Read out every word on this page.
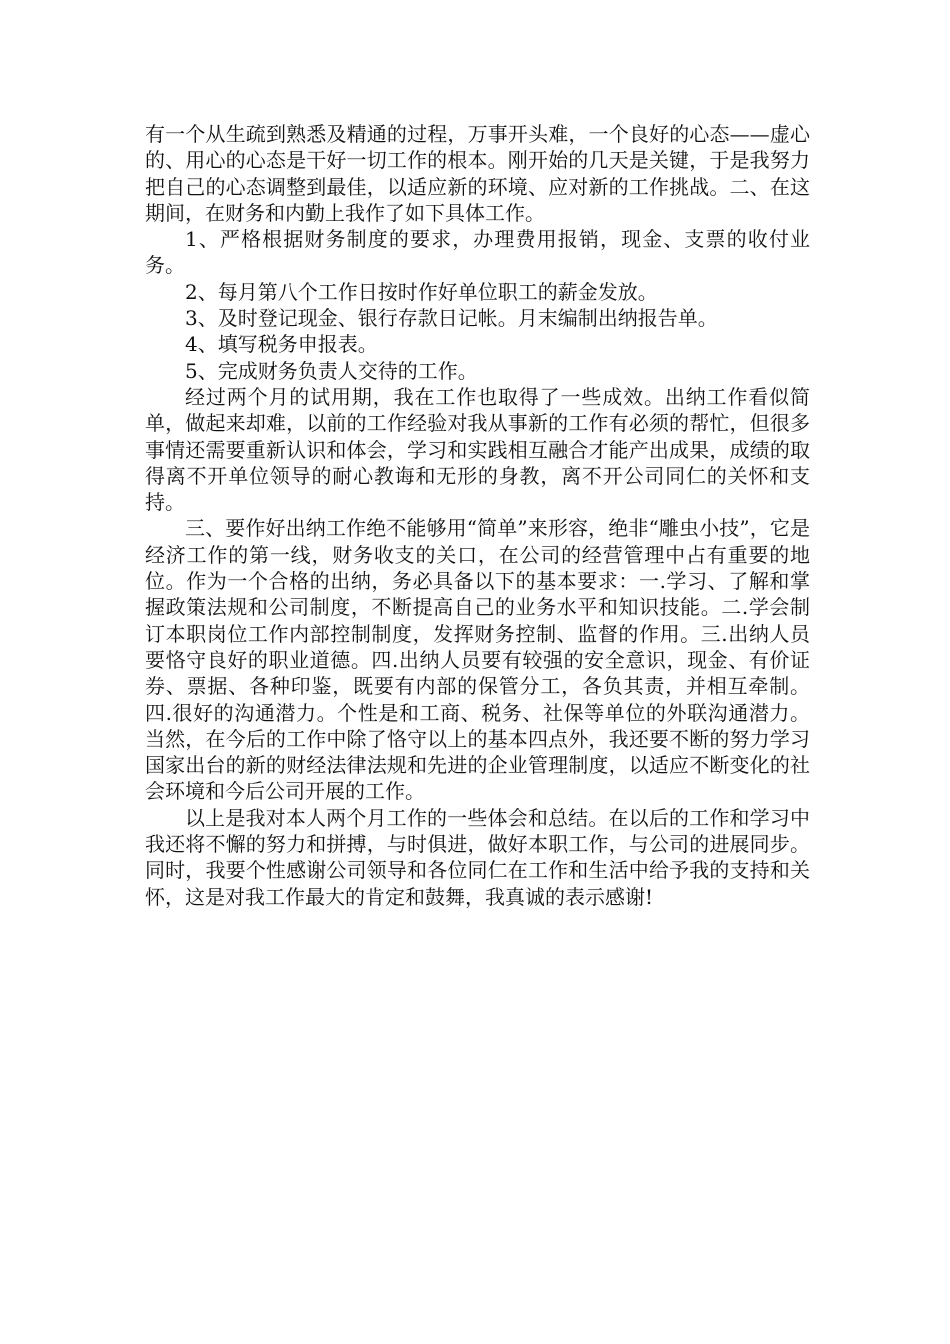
有一个从生疏到熟悉及精通的过程，万事开头难，一个良好的心态——虚心的、用心的心态是干好一切工作的根本。刚开始的几天是关键，于是我努力把自己的心态调整到最佳，以适应新的环境、应对新的工作挑战。二、在这期间，在财务和内勤上我作了如下具体工作。

1、严格根据财务制度的要求，办理费用报销，现金、支票的收付业务。

2、每月第八个工作日按时作好单位职工的薪金发放。

3、及时登记现金、银行存款日记帐。月末编制出纳报告单。

4、填写税务申报表。

5、完成财务负责人交待的工作。

经过两个月的试用期，我在工作也取得了一些成效。出纳工作看似简单，做起来却难，以前的工作经验对我从事新的工作有必须的帮忙，但很多事情还需要重新认识和体会，学习和实践相互融合才能产出成果，成绩的取得离不开单位领导的耐心教诲和无形的身教，离不开公司同仁的关怀和支持。

三、要作好出纳工作绝不能够用“简单”来形容，绝非“雕虫小技”，它是经济工作的第一线，财务收支的关口，在公司的经营管理中占有重要的地位。作为一个合格的出纳，务必具备以下的基本要求：一.学习、了解和掌握政策法规和公司制度，不断提高自己的业务水平和知识技能。二.学会制订本职岗位工作内部控制制度，发挥财务控制、监督的作用。三.出纳人员要恪守良好的职业道德。四.出纳人员要有较强的安全意识，现金、有价证券、票据、各种印鉴，既要有内部的保管分工，各负其责，并相互牵制。四.很好的沟通潜力。个性是和工商、税务、社保等单位的外联沟通潜力。当然，在今后的工作中除了恪守以上的基本四点外，我还要不断的努力学习国家出台的新的财经法律法规和先进的企业管理制度，以适应不断变化的社会环境和今后公司开展的工作。

以上是我对本人两个月工作的一些体会和总结。在以后的工作和学习中我还将不懈的努力和拼搏，与时俱进，做好本职工作，与公司的进展同步。同时，我要个性感谢公司领导和各位同仁在工作和生活中给予我的支持和关怀，这是对我工作最大的肯定和鼓舞，我真诚的表示感谢!
